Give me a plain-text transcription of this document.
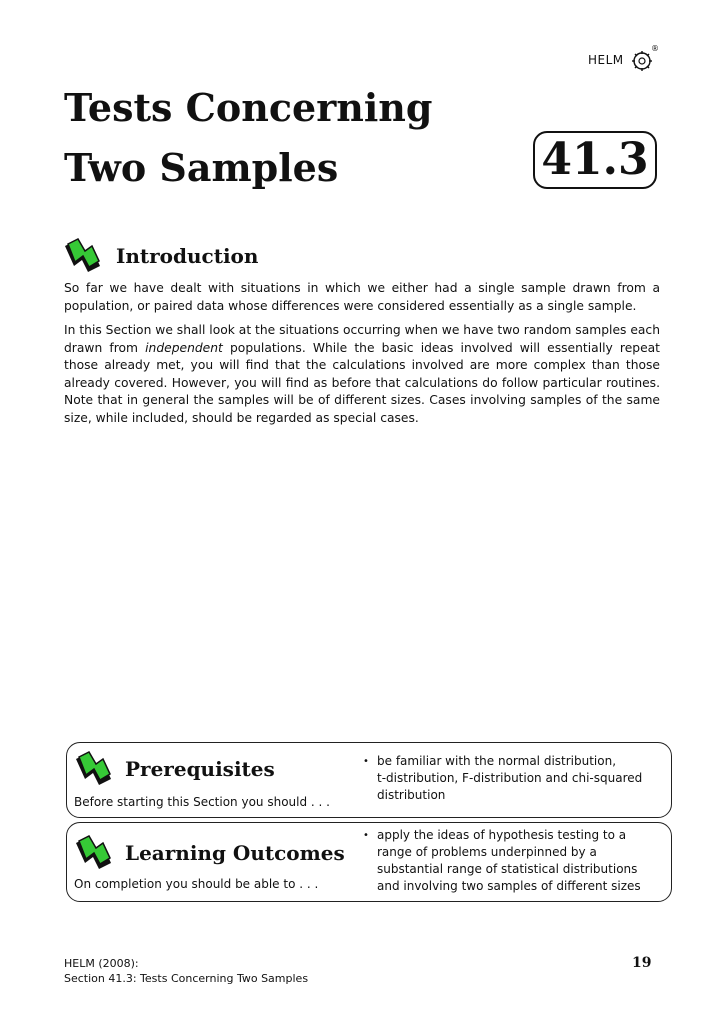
HELM
®
Tests Concerning
Two Samples	41.3
Introduction

So far we have dealt with situations in which we either had a single sample drawn from a population, or paired data whose differences were considered essentially as a single sample.

In this Section we shall look at the situations occurring when we have two random samples each drawn from independent populations. While the basic ideas involved will essentially repeat those already met, you will find that the calculations involved are more complex than those already covered. However, you will find as before that calculations do follow particular routines. Note that in general the samples will be of different sizes. Cases involving samples of the same size, while included, should be regarded as special cases.

Prerequisites
Before starting this Section you should . . .
• be familiar with the normal distribution,
t-distribution, F-distribution and chi-squared
distribution
Learning Outcomes
On completion you should be able to . . .
• apply the ideas of hypothesis testing to a
range of problems underpinned by a
substantial range of statistical distributions
and involving two samples of different sizes
HELM (2008):
Section 41.3: Tests Concerning Two Samples
19
